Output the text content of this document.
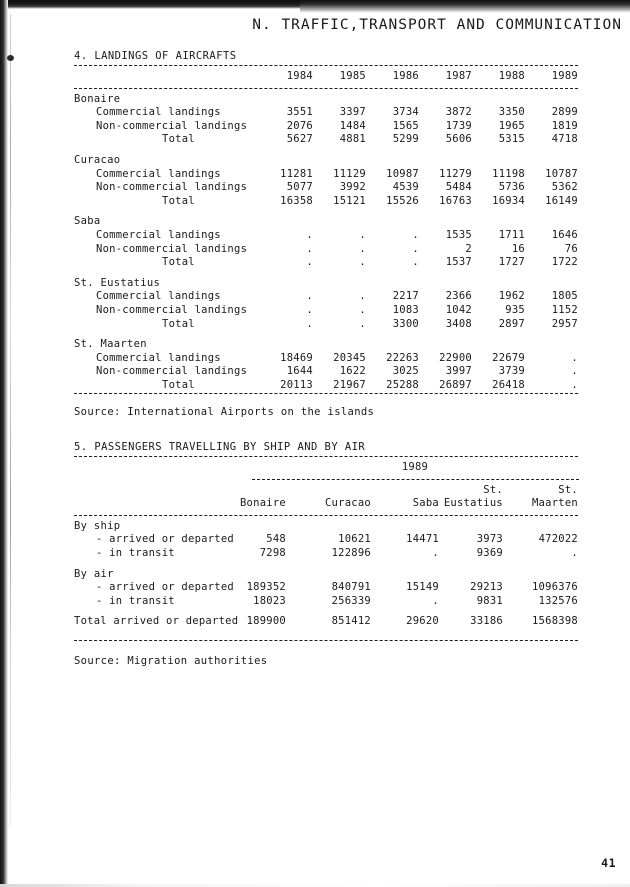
N. TRAFFIC,TRANSPORT AND COMMUNICATION
4. LANDINGS OF AIRCRAFTS

	1984	1985	1986	1987	1988	1989

Bonaire						
Commercial landings	3551	3397	3734	3872	3350	2899
Non-commercial landings	2076	1484	1565	1739	1965	1819
Total	5627	4881	5299	5606	5315	4718

Curacao						
Commercial landings	11281	11129	10987	11279	11198	10787
Non-commercial landings	5077	3992	4539	5484	5736	5362
Total	16358	15121	15526	16763	16934	16149

Saba						
Commercial landings	.	.	.	1535	1711	1646
Non-commercial landings	.	.	.	2	16	76
Total	.	.	.	1537	1727	1722

St. Eustatius						
Commercial landings	.	.	2217	2366	1962	1805
Non-commercial landings	.	.	1083	1042	935	1152
Total	.	.	3300	3408	2897	2957

St. Maarten						
Commercial landings	18469	20345	22263	22900	22679	.
Non-commercial landings	1644	1622	3025	3997	3739	.
Total	20113	21967	25288	26897	26418	.
Source: International Airports on the islands
5. PASSENGERS TRAVELLING BY SHIP AND BY AIR

	1989

				St.	St.
	Bonaire	Curacao	Saba	Eustatius	Maarten

By ship					
- arrived or departed	548	10621	14471	3973	472022
- in transit	7298	122896	.	9369	.

By air					
- arrived or departed	189352	840791	15149	29213	1096376
- in transit	18023	256339	.	9831	132576

Total arrived or departed	189900	851412	29620	33186	1568398

Source: Migration authorities
41
